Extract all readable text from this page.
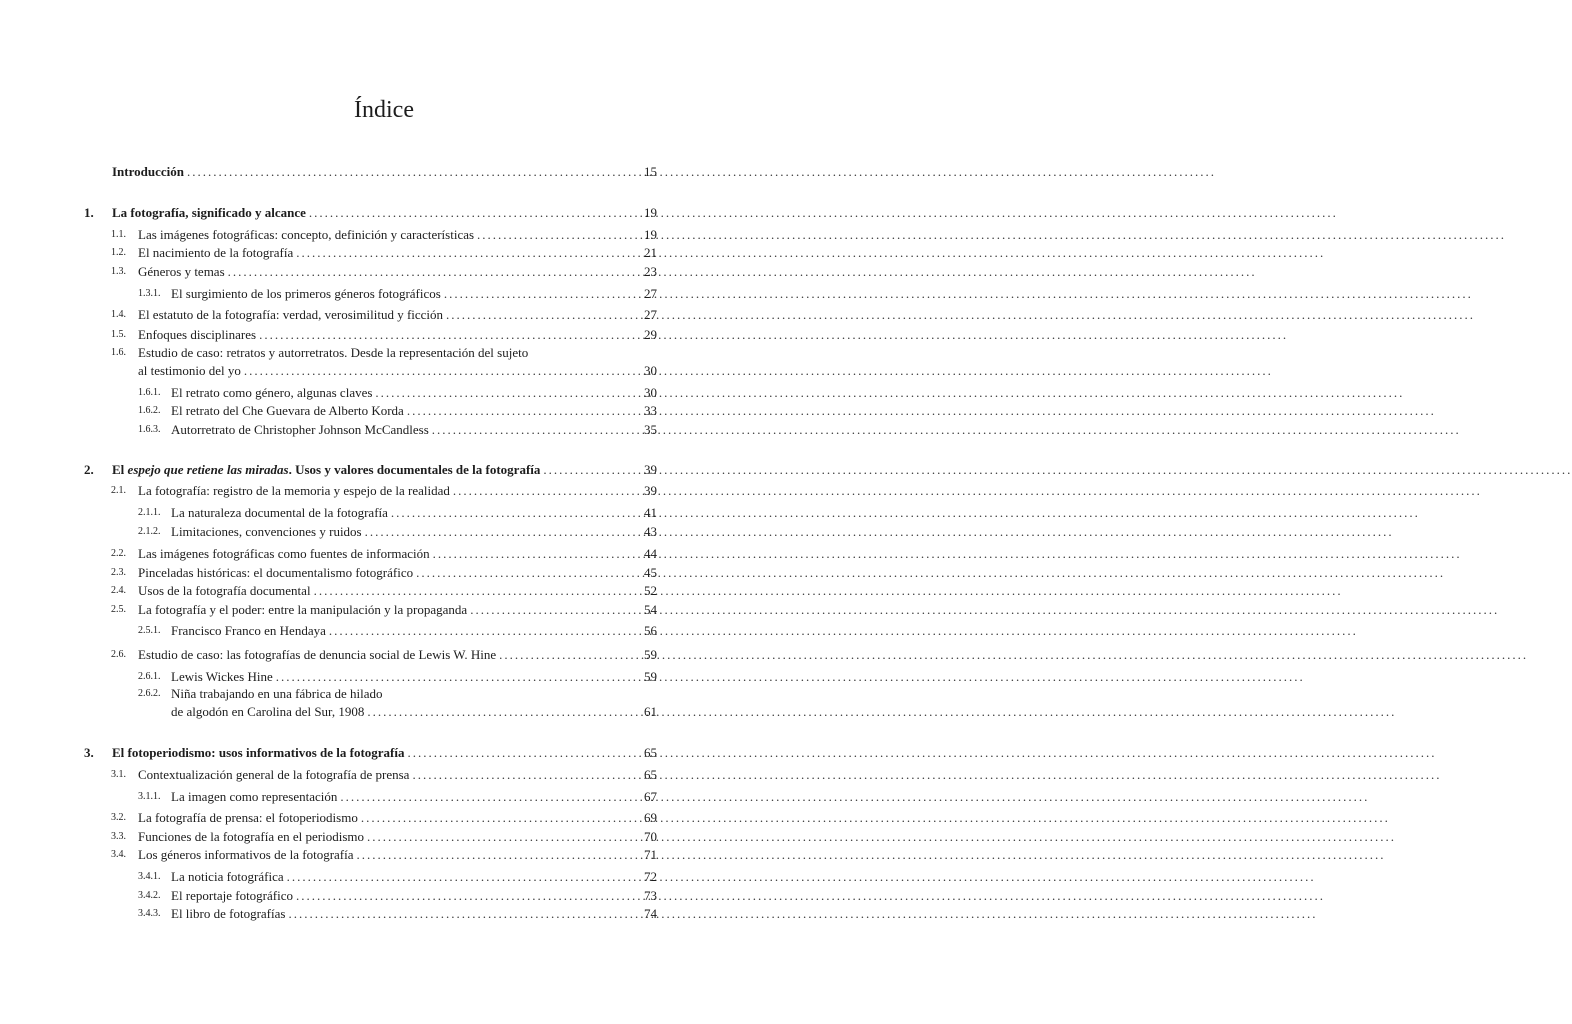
Índice
Introducción .....	15
1. La fotografía, significado y alcance .....	19
1.1. Las imágenes fotográficas: concepto, definición y características .....	19
1.2. El nacimiento de la fotografía .....	21
1.3. Géneros y temas .....	23
1.3.1. El surgimiento de los primeros géneros fotográficos .....	27
1.4. El estatuto de la fotografía: verdad, verosimilitud y ficción .....	27
1.5. Enfoques disciplinares .....	29
1.6. Estudio de caso: retratos y autorretratos. Desde la representación del sujeto
al testimonio del yo .....	30
1.6.1. El retrato como género, algunas claves .....	30
1.6.2. El retrato del Che Guevara de Alberto Korda .....	33
1.6.3. Autorretrato de Christopher Johnson McCandless .....	35
2. El espejo que retiene las miradas. Usos y valores documentales de la fotografía .....	39
2.1. La fotografía: registro de la memoria y espejo de la realidad .....	39
2.1.1. La naturaleza documental de la fotografía .....	41
2.1.2. Limitaciones, convenciones y ruidos .....	43
2.2. Las imágenes fotográficas como fuentes de información .....	44
2.3. Pinceladas históricas: el documentalismo fotográfico .....	45
2.4. Usos de la fotografía documental .....	52
2.5. La fotografía y el poder: entre la manipulación y la propaganda .....	54
2.5.1. Francisco Franco en Hendaya .....	56
2.6. Estudio de caso: las fotografías de denuncia social de Lewis W. Hine .....	59
2.6.1. Lewis Wickes Hine .....	59
2.6.2. Niña trabajando en una fábrica de hilado
de algodón en Carolina del Sur, 1908 .....	61
3. El fotoperiodismo: usos informativos de la fotografía .....	65
3.1. Contextualización general de la fotografía de prensa .....	65
3.1.1. La imagen como representación .....	67
3.2. La fotografía de prensa: el fotoperiodismo .....	69
3.3. Funciones de la fotografía en el periodismo .....	70
3.4. Los géneros informativos de la fotografía .....	71
3.4.1. La noticia fotográfica .....	72
3.4.2. El reportaje fotográfico .....	73
3.4.3. El libro de fotografías .....	74
